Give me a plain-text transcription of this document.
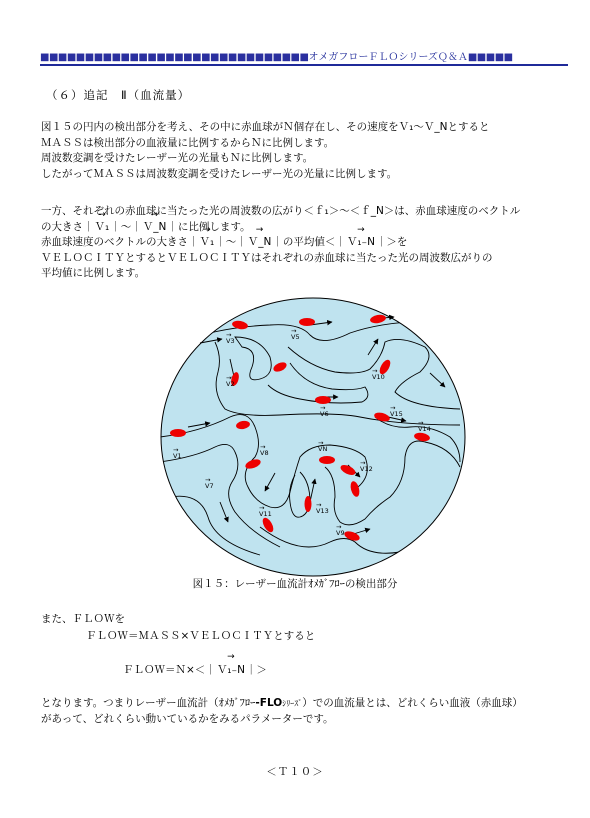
■■■■■■■■■■■■■■■■■■■■■■■■■■■■■■ オメガフローＦＬＯシリーズＱ＆Ａ ■■■■■
（６）追記　Ⅱ（血流量）
図１５の円内の検出部分を考え、その中に赤血球がＮ個存在し、その速度をＶ₁～Ｖ_Nとすると
ＭＡＳＳは検出部分の血液量に比例するからＮに比例します。
周波数変調を受けたレーザー光の光量もＮに比例します。
したがってＭＡＳＳは周波数変調を受けたレーザー光の光量に比例します。
一方、それぞれの赤血球に当たった光の周波数の広がり＜ｆ₁＞～＜ｆ_N＞は、赤血球速度のベクトル
の大きさ｜→ Ｖ₁｜～｜→ Ｖ_N｜に比例します。
赤血球速度のベクトルの大きさ｜→ Ｖ₁｜～｜→ Ｖ_N｜の平均値＜｜→ Ｖ₁₋N｜＞を
ＶＥＬＯＣＩＴＹとするとＶＥＬＯＣＩＴＹはそれぞれの赤血球に当たった光の周波数広がりの
平均値に比例します。
→
V5
→
V3
→
V2
→
V10
→
V6
→
V15
→
V14
→
V1
→
V8
→
VN
→
V12
→
V7
→
V13
→
V11
→
V9
図１５：レーザー血流計ｵﾒｶﾞﾌﾛｰの検出部分
また、ＦＬＯＷを
ＦＬＯＷ＝ＭＡＳＳ×ＶＥＬＯＣＩＴＹとすると
ＦＬＯＷ＝Ｎ×＜｜→ Ｖ₁₋N｜＞
となります。つまりレーザー血流計（ｵﾒｶﾞﾌﾛｰ-FLOｼﾘｰｽﾞ）での血流量とは、どれくらい血液（赤血球）
があって、どれくらい動いているかをみるパラメーターです。
＜Ｔ１０＞
